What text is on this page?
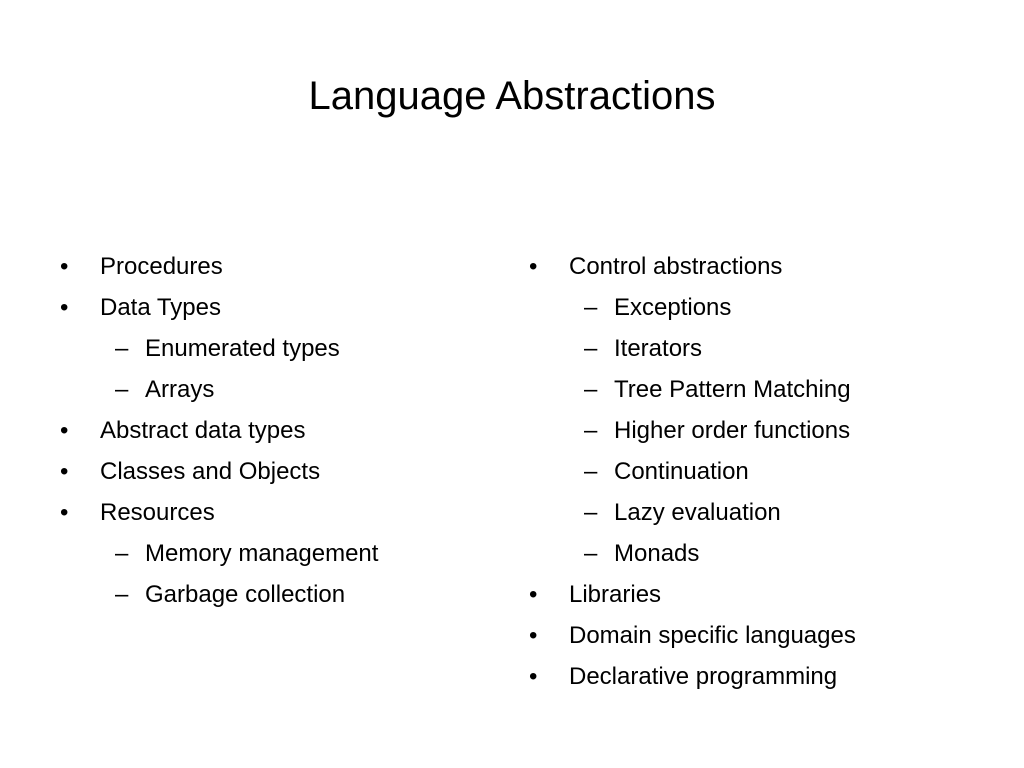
Language Abstractions
•	Procedures
•	Data Types
– Enumerated types
– Arrays
•	Abstract data types
•	Classes and Objects
•	Resources
– Memory management
– Garbage collection
•	Control abstractions
– Exceptions
– Iterators
– Tree Pattern Matching
– Higher order functions
– Continuation
– Lazy evaluation
– Monads
•	Libraries
•	Domain specific languages
•	Declarative programming
